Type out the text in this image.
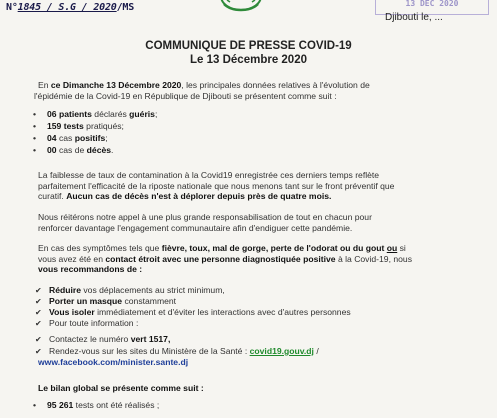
N°1845 / S.G / 2020/MS	13 DEC 2020
Djibouti le, ...
COMMUNIQUE DE PRESSE COVID-19
Le 13 Décembre 2020
En ce Dimanche 13 Décembre 2020, les principales données relatives à l'évolution de
l'épidémie de la Covid-19 en République de Djibouti se présentent comme suit :
• 06 patients déclarés guéris;
• 159 tests pratiqués;
• 04 cas positifs;
• 00 cas de décès.
La faiblesse de taux de contamination à la Covid19 enregistrée ces derniers temps reflète
parfaitement l'efficacité de la riposte nationale que nous menons tant sur le front préventif que
curatif. Aucun cas de décès n'est à déplorer depuis près de quatre mois.
Nous réitérons notre appel à une plus grande responsabilisation de tout en chacun pour
renforcer davantage l'engagement communautaire afin d'endiguer cette pandémie.
En cas des symptômes tels que fièvre, toux, mal de gorge, perte de l'odorat ou du gout ou si
vous avez été en contact étroit avec une personne diagnostiquée positive à la Covid-19, nous
vous recommandons de :
✔ Réduire vos déplacements au strict minimum,
✔ Porter un masque constamment
✔ Vous isoler immédiatement et d'éviter les interactions avec d'autres personnes
✔ Pour toute information :
✔ Contactez le numéro vert 1517,
✔ Rendez-vous sur les sites du Ministère de la Santé : covid19.gouv.dj /
www.facebook.com/minister.sante.dj
Le bilan global se présente comme suit :
• 95 261 tests ont été réalisés ;
